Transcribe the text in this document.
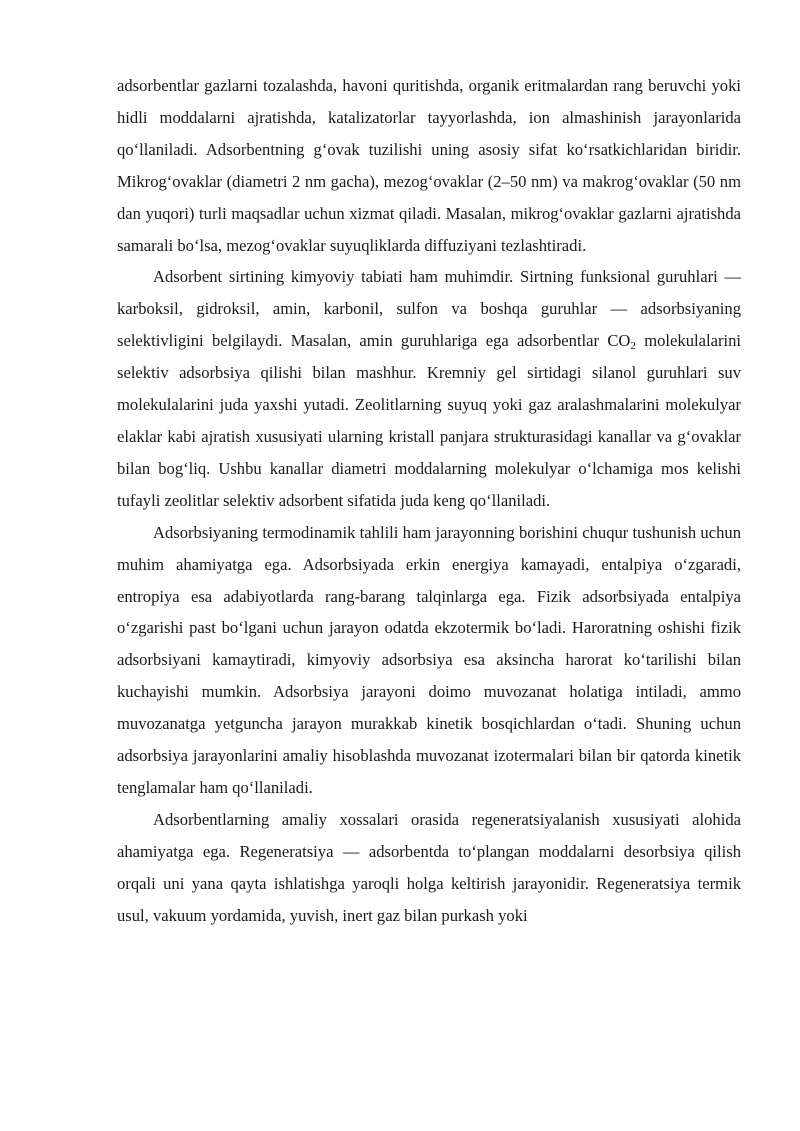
adsorbentlar gazlarni tozalashda, havoni quritishda, organik eritmalardan rang beruvchi yoki hidli moddalarni ajratishda, katalizatorlar tayyorlashda, ion almashinish jarayonlarida qo‘llaniladi. Adsorbentning g‘ovak tuzilishi uning asosiy sifat ko‘rsatkichlaridan biridir. Mikrog‘ovaklar (diametri 2 nm gacha), mezog‘ovaklar (2–50 nm) va makrog‘ovaklar (50 nm dan yuqori) turli maqsadlar uchun xizmat qiladi. Masalan, mikrog‘ovaklar gazlarni ajratishda samarali bo‘lsa, mezog‘ovaklar suyuqliklarda diffuziyani tezlashtiradi.

Adsorbent sirtining kimyoviy tabiati ham muhimdir. Sirtning funksional guruhlari — karboksil, gidroksil, amin, karbonil, sulfon va boshqa guruhlar — adsorbsiyaning selektivligini belgilaydi. Masalan, amin guruhlariga ega adsorbentlar $CO_2$ molekulalarini selektiv adsorbsiya qilishi bilan mashhur. Kremniy gel sirtidagi silanol guruhlari suv molekulalarini juda yaxshi yutadi. Zeolitlarning suyuq yoki gaz aralashmalarini molekulyar elaklar kabi ajratish xususiyati ularning kristall panjara strukturasidagi kanallar va g‘ovaklar bilan bog‘liq. Ushbu kanallar diametri moddalarning molekulyar o‘lchamiga mos kelishi tufayli zeolitlar selektiv adsorbent sifatida juda keng qo‘llaniladi.

Adsorbsiyaning termodinamik tahlili ham jarayonning borishini chuqur tushunish uchun muhim ahamiyatga ega. Adsorbsiyada erkin energiya kamayadi, entalpiya o‘zgaradi, entropiya esa adabiyotlarda rang-barang talqinlarga ega. Fizik adsorbsiyada entalpiya o‘zgarishi past bo‘lgani uchun jarayon odatda ekzotermik bo‘ladi. Haroratning oshishi fizik adsorbsiyani kamaytiradi, kimyoviy adsorbsiya esa aksincha harorat ko‘tarilishi bilan kuchayishi mumkin. Adsorbsiya jarayoni doimo muvozanat holatiga intiladi, ammo muvozanatga yetguncha jarayon murakkab kinetik bosqichlardan o‘tadi. Shuning uchun adsorbsiya jarayonlarini amaliy hisoblashda muvozanat izotermalari bilan bir qatorda kinetik tenglamalar ham qo‘llaniladi.

Adsorbentlarning amaliy xossalari orasida regeneratsiyalanish xususiyati alohida ahamiyatga ega. Regeneratsiya — adsorbentda to‘plangan moddalarni desorbsiya qilish orqali uni yana qayta ishlatishga yaroqli holga keltirish jarayonidir. Regeneratsiya termik usul, vakuum yordamida, yuvish, inert gaz bilan purkash yoki
